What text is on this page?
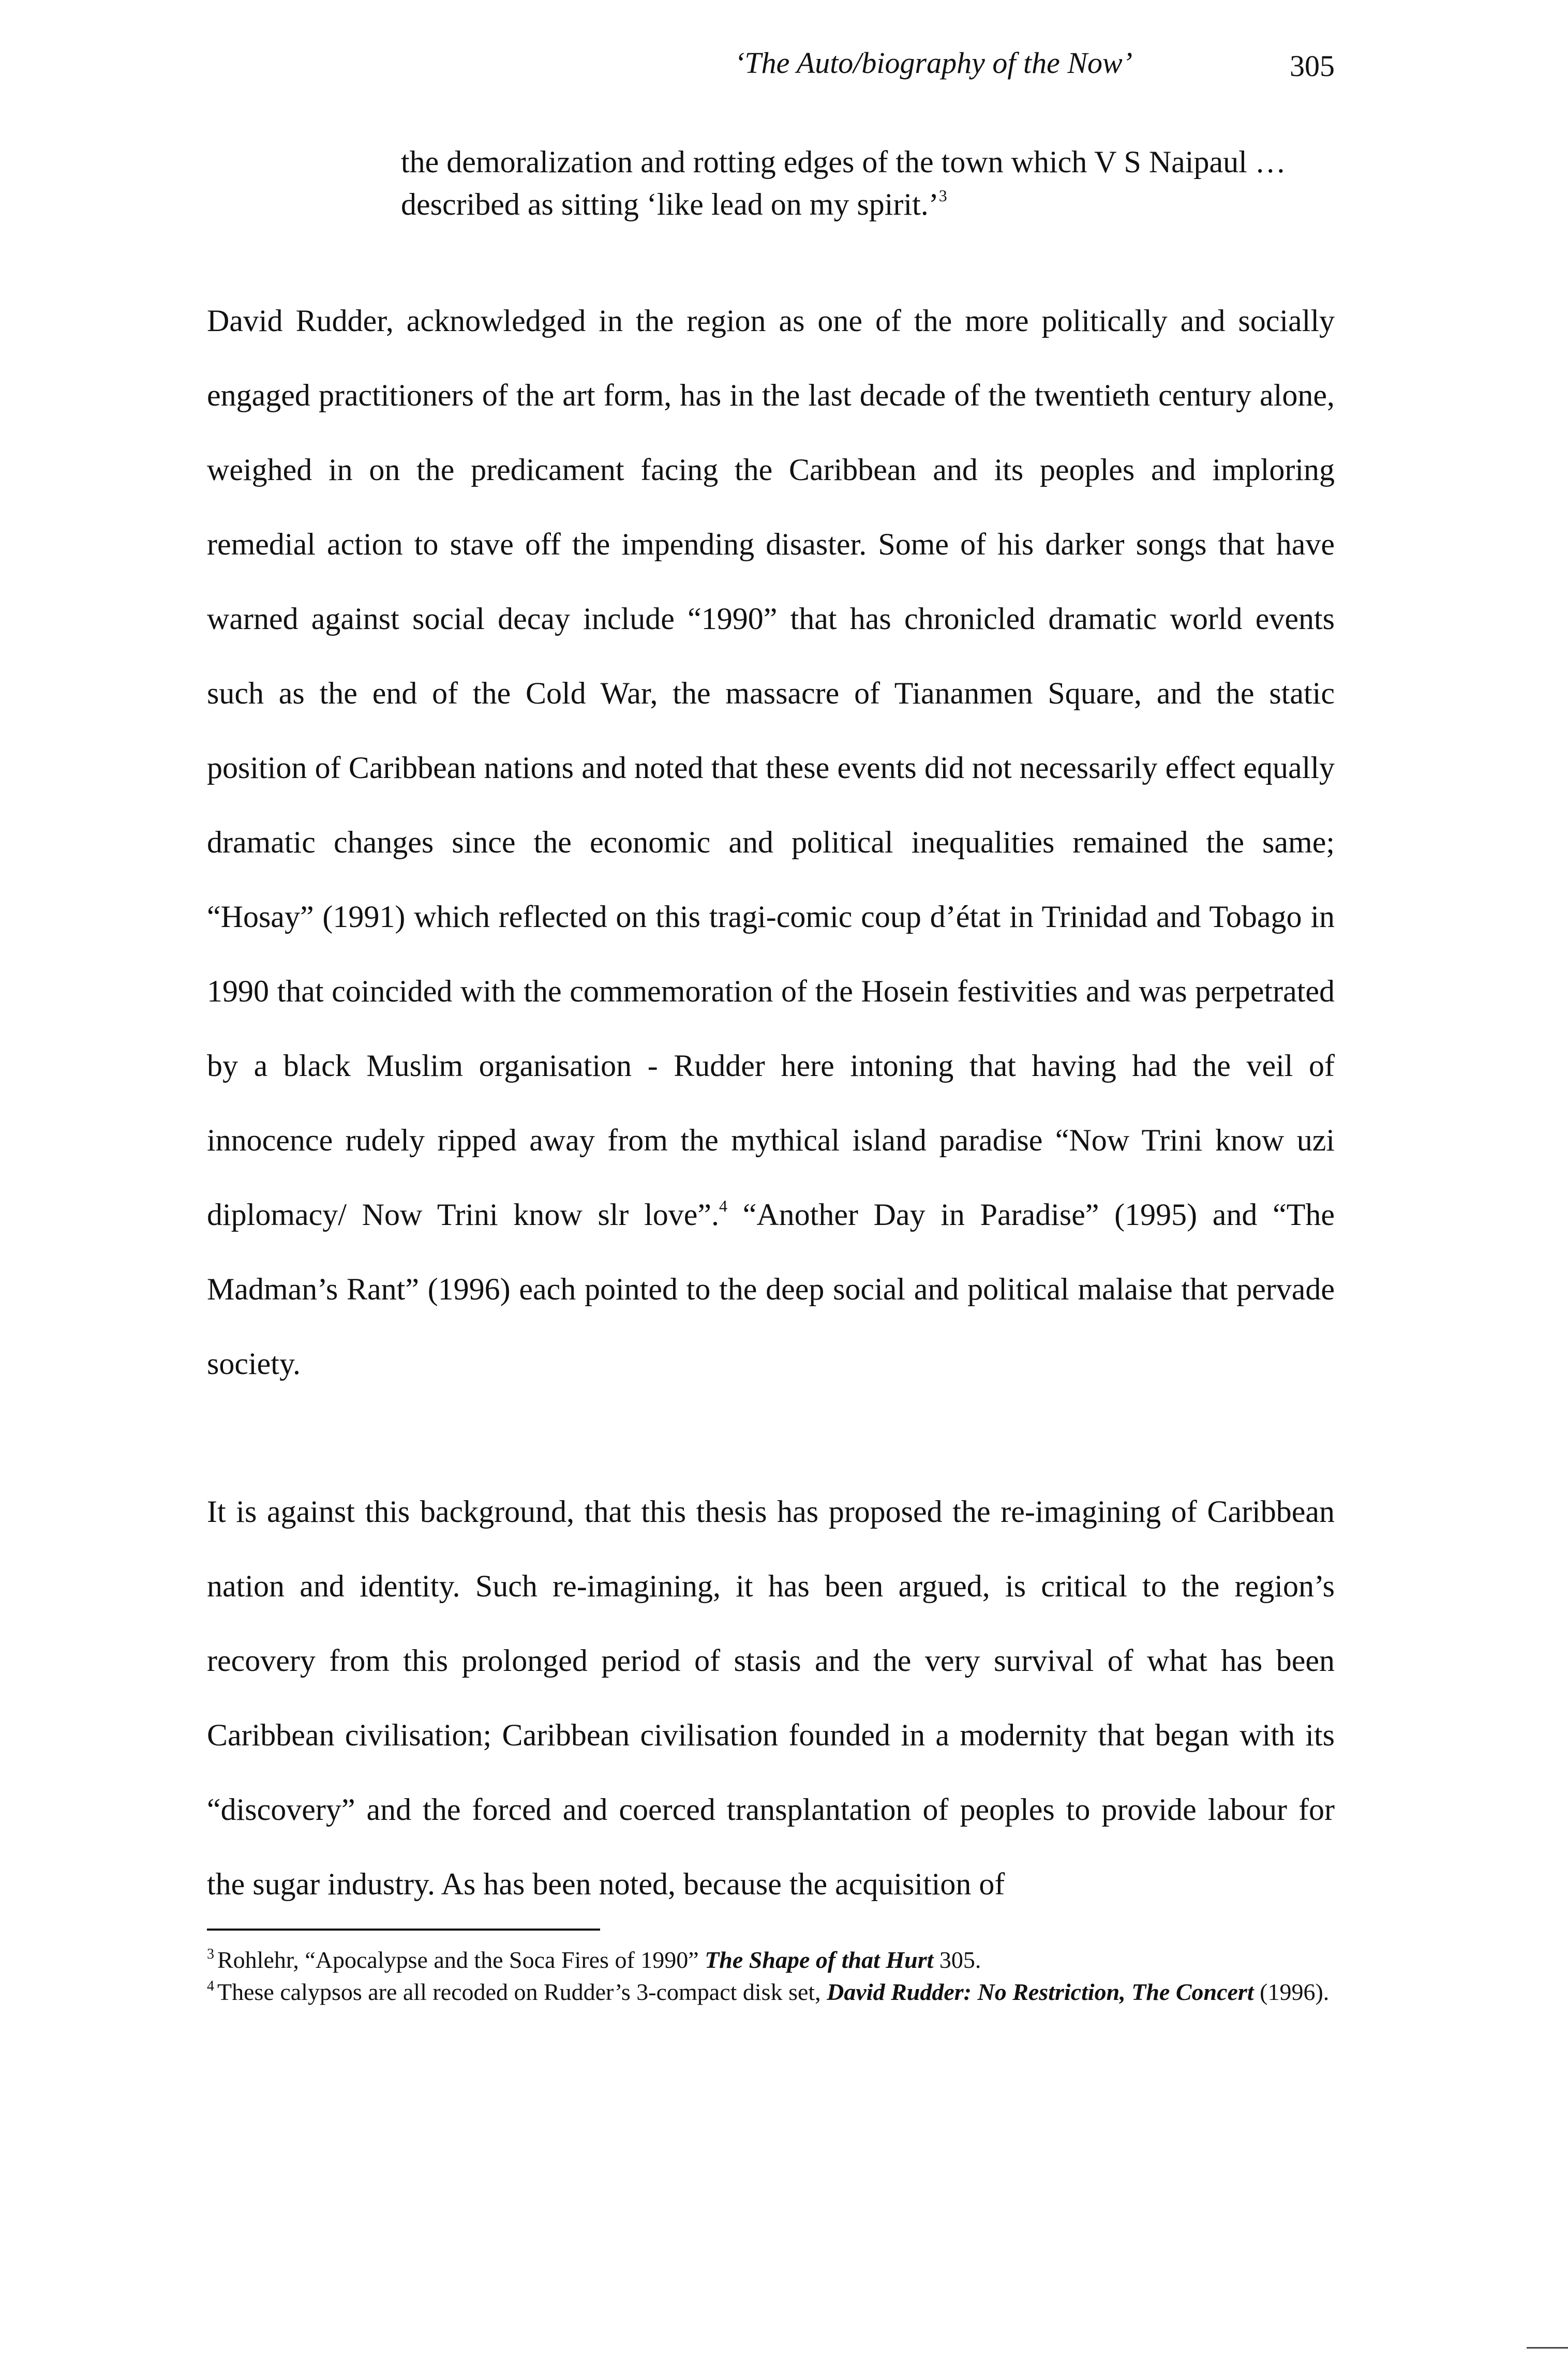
‘The Auto/biography of the Now’	305
the demoralization and rotting edges of the town which V S Naipaul … described as sitting ‘like lead on my spirit.’$^3$

David Rudder, acknowledged in the region as one of the more politically and socially engaged practitioners of the art form, has in the last decade of the twentieth century alone, weighed in on the predicament facing the Caribbean and its peoples and imploring remedial action to stave off the impending disaster. Some of his darker songs that have warned against social decay include “1990” that has chronicled dramatic world events such as the end of the Cold War, the massacre of Tiananmen Square, and the static position of Caribbean nations and noted that these events did not necessarily effect equally dramatic changes since the economic and political inequalities remained the same; “Hosay” (1991) which reflected on this tragi-comic coup d’état in Trinidad and Tobago in 1990 that coincided with the commemoration of the Hosein festivities and was perpetrated by a black Muslim organisation - Rudder here intoning that having had the veil of innocence rudely ripped away from the mythical island paradise “Now Trini know uzi diplomacy/ Now Trini know slr love”.$^4$ “Another Day in Paradise” (1995) and “The Madman’s Rant” (1996) each pointed to the deep social and political malaise that pervade society.

It is against this background, that this thesis has proposed the re-imagining of Caribbean nation and identity. Such re-imagining, it has been argued, is critical to the region’s recovery from this prolonged period of stasis and the very survival of what has been Caribbean civilisation; Caribbean civilisation founded in a modernity that began with its “discovery” and the forced and coerced transplantation of peoples to provide labour for the sugar industry. As has been noted, because the acquisition of

$^3$ Rohlehr, “Apocalypse and the Soca Fires of 1990” The Shape of that Hurt 305.

$^4$ These calypsos are all recoded on Rudder’s 3-compact disk set, David Rudder: No Restriction, The Concert (1996).
